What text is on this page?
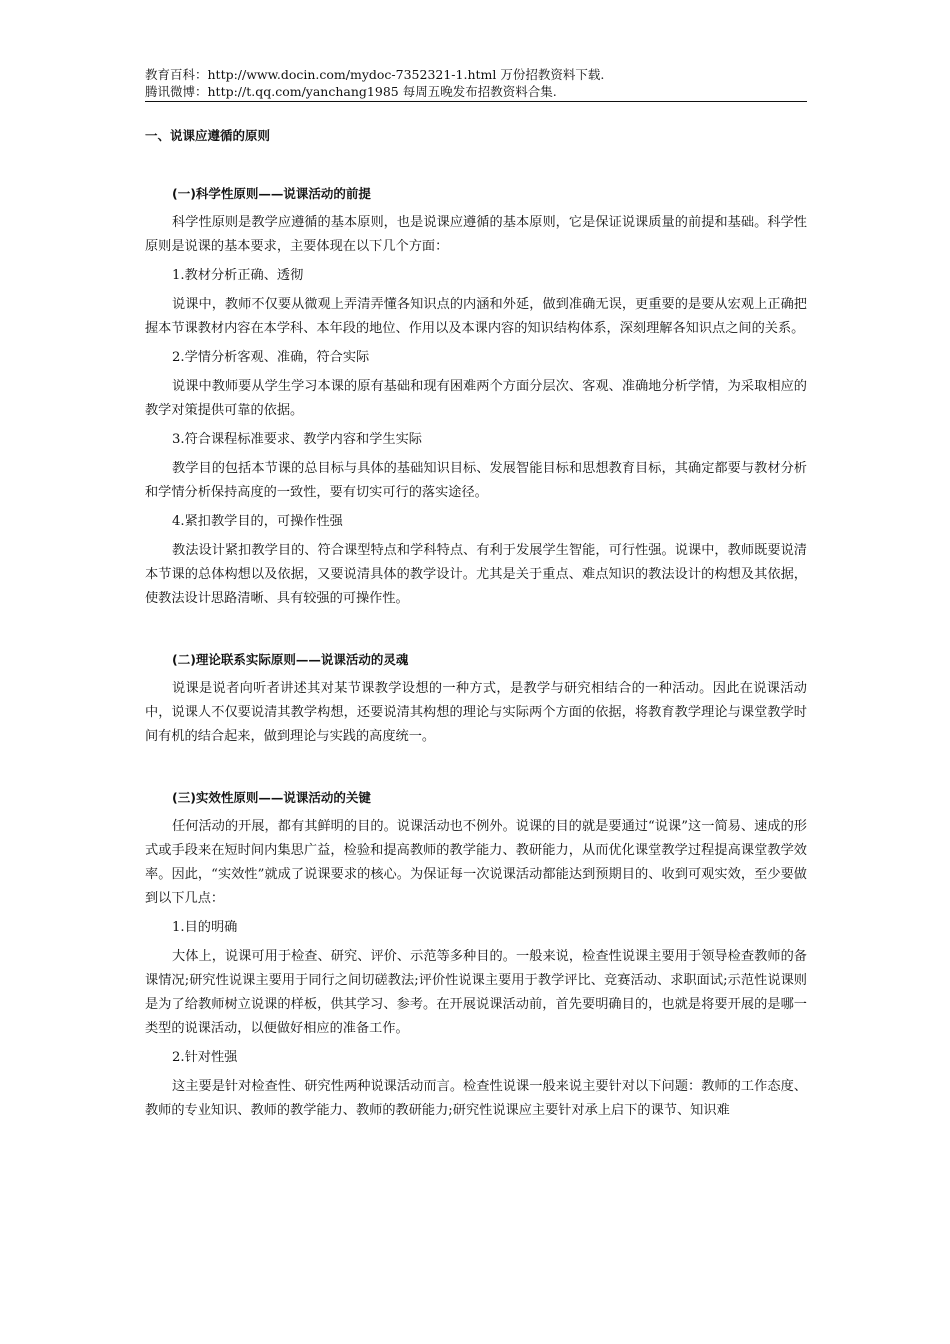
教育百科：http://www.docin.com/mydoc-7352321-1.html 万份招教资料下载.
腾讯微博：http://t.qq.com/yanchang1985 每周五晚发布招教资料合集.
一、说课应遵循的原则
(一)科学性原则——说课活动的前提

科学性原则是教学应遵循的基本原则，也是说课应遵循的基本原则，它是保证说课质量的前提和基础。科学性原则是说课的基本要求，主要体现在以下几个方面：

1.教材分析正确、透彻

说课中，教师不仅要从微观上弄清弄懂各知识点的内涵和外延，做到准确无误，更重要的是要从宏观上正确把握本节课教材内容在本学科、本年段的地位、作用以及本课内容的知识结构体系，深刻理解各知识点之间的关系。

2.学情分析客观、准确，符合实际

说课中教师要从学生学习本课的原有基础和现有困难两个方面分层次、客观、准确地分析学情，为采取相应的教学对策提供可靠的依据。

3.符合课程标准要求、教学内容和学生实际

教学目的包括本节课的总目标与具体的基础知识目标、发展智能目标和思想教育目标，其确定都要与教材分析和学情分析保持高度的一致性，要有切实可行的落实途径。

4.紧扣教学目的，可操作性强

教法设计紧扣教学目的、符合课型特点和学科特点、有利于发展学生智能，可行性强。说课中，教师既要说清本节课的总体构想以及依据，又要说清具体的教学设计。尤其是关于重点、难点知识的教法设计的构想及其依据，使教法设计思路清晰、具有较强的可操作性。

(二)理论联系实际原则——说课活动的灵魂

说课是说者向听者讲述其对某节课教学设想的一种方式，是教学与研究相结合的一种活动。因此在说课活动中，说课人不仅要说清其教学构想，还要说清其构想的理论与实际两个方面的依据，将教育教学理论与课堂教学时间有机的结合起来，做到理论与实践的高度统一。

(三)实效性原则——说课活动的关键

任何活动的开展，都有其鲜明的目的。说课活动也不例外。说课的目的就是要通过“说课”这一简易、速成的形式或手段来在短时间内集思广益，检验和提高教师的教学能力、教研能力，从而优化课堂教学过程提高课堂教学效率。因此，“实效性”就成了说课要求的核心。为保证每一次说课活动都能达到预期目的、收到可观实效，至少要做到以下几点：

1.目的明确

大体上，说课可用于检查、研究、评价、示范等多种目的。一般来说，检查性说课主要用于领导检查教师的备课情况;研究性说课主要用于同行之间切磋教法;评价性说课主要用于教学评比、竞赛活动、求职面试;示范性说课则是为了给教师树立说课的样板，供其学习、参考。在开展说课活动前，首先要明确目的，也就是将要开展的是哪一类型的说课活动，以便做好相应的准备工作。

2.针对性强

这主要是针对检查性、研究性两种说课活动而言。检查性说课一般来说主要针对以下问题：教师的工作态度、教师的专业知识、教师的教学能力、教师的教研能力;研究性说课应主要针对承上启下的课节、知识难
